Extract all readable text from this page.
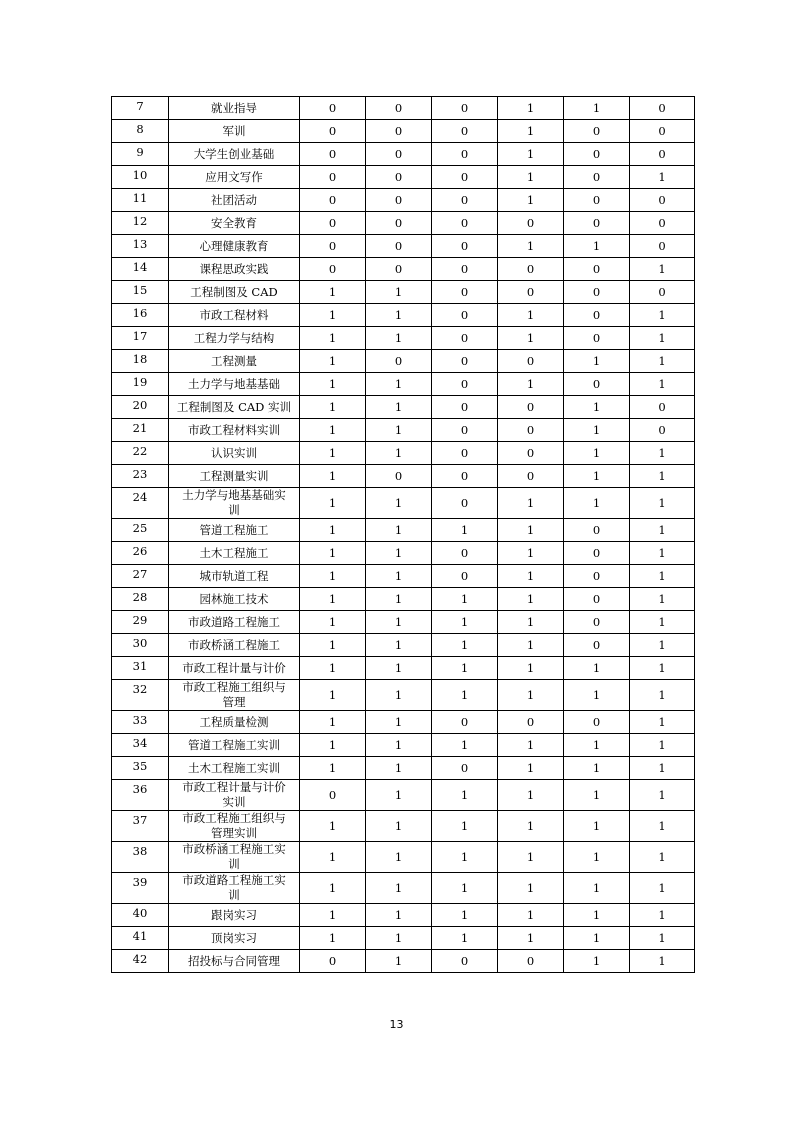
7	就业指导	0	0	0	1	1	0
8	军训	0	0	0	1	0	0
9	大学生创业基础	0	0	0	1	0	0
10	应用文写作	0	0	0	1	0	1
11	社团活动	0	0	0	1	0	0
12	安全教育	0	0	0	0	0	0
13	心理健康教育	0	0	0	1	1	0
14	课程思政实践	0	0	0	0	0	1
15	工程制图及 CAD	1	1	0	0	0	0
16	市政工程材料	1	1	0	1	0	1
17	工程力学与结构	1	1	0	1	0	1
18	工程测量	1	0	0	0	1	1
19	土力学与地基基础	1	1	0	1	0	1
20	工程制图及 CAD 实训	1	1	0	0	1	0
21	市政工程材料实训	1	1	0	0	1	0
22	认识实训	1	1	0	0	1	1
23	工程测量实训	1	0	0	0	1	1
24	土力学与地基基础实训	1	1	0	1	1	1
25	管道工程施工	1	1	1	1	0	1
26	土木工程施工	1	1	0	1	0	1
27	城市轨道工程	1	1	0	1	0	1
28	园林施工技术	1	1	1	1	0	1
29	市政道路工程施工	1	1	1	1	0	1
30	市政桥涵工程施工	1	1	1	1	0	1
31	市政工程计量与计价	1	1	1	1	1	1
32	市政工程施工组织与管理	1	1	1	1	1	1
33	工程质量检测	1	1	0	0	0	1
34	管道工程施工实训	1	1	1	1	1	1
35	土木工程施工实训	1	1	0	1	1	1
36	市政工程计量与计价实训	0	1	1	1	1	1
37	市政工程施工组织与管理实训	1	1	1	1	1	1
38	市政桥涵工程施工实训	1	1	1	1	1	1
39	市政道路工程施工实训	1	1	1	1	1	1
40	跟岗实习	1	1	1	1	1	1
41	顶岗实习	1	1	1	1	1	1
42	招投标与合同管理	0	1	0	0	1	1
13
